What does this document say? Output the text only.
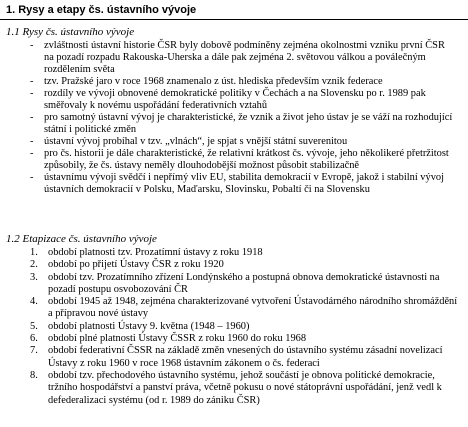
1. Rysy a etapy čs. ústavního vývoje
1.1 Rysy čs. ústavního vývoje
- zvláštnosti ústavní historie ČSR byly dobově podmíněny zejména okolnostmi vzniku první ČSR na pozadí rozpadu Rakouska-Uherska a dále pak zejména 2. světovou válkou a poválečným rozdělením světa
- tzv. Pražské jaro v roce 1968 znamenalo z úst. hlediska především vznik federace
- rozdíly ve vývoji obnovené demokratické politiky v Čechách a na Slovensku po r. 1989 pak směřovaly k novému uspořádání federativních vztahů
- pro samotný ústavní vývoj je charakteristické, že vznik a život jeho ústav je se váží na rozhodující státní i politické změn
- ústavní vývoj probíhal v tzv. „vlnách“, je spjat s vnější státní suverenitou
- pro čs. historii je dále charakteristické, že relativní krátkost čs. vývoje, jeho několikeré přetržitost způsobily, že čs. ústavy neměly dlouhodobější možnost působit stabilizačně
- ústavnímu vývoji svědčí i nepřímý vliv EU, stabilita demokracií v Evropě, jakož i stabilní vývoj ústavních demokracií v Polsku, Maďarsku, Slovinsku, Pobaltí či na Slovensku
1.2 Etapizace čs. ústavního vývoje
1. období platnosti tzv. Prozatímní ústavy z roku 1918
2. období po přijetí Ústavy ČSR z roku 1920
3. období tzv. Prozatímního zřízení Londýnského a postupná obnova demokratické ústavnosti na pozadí postupu osvobozování ČR
4. období 1945 až 1948, zejména charakterizované vytvoření Ústavodárného národního shromáždění a přípravou nové ústavy
5. období platnosti Ústavy 9. května (1948 – 1960)
6. období plné platnosti Ústavy ČSSR z roku 1960 do roku 1968
7. období federativní ČSSR na základě změn vnesených do ústavního systému zásadní novelizací Ústavy z roku 1960 v roce 1968 ústavním zákonem o čs. federaci
8. období tzv. přechodového ústavního systému, jehož součástí je obnova politické demokracie, tržního hospodářství a panství práva, včetně pokusu o nové státoprávní uspořádání, jenž vedl k defederalizaci systému (od r. 1989 do zániku ČSR)
